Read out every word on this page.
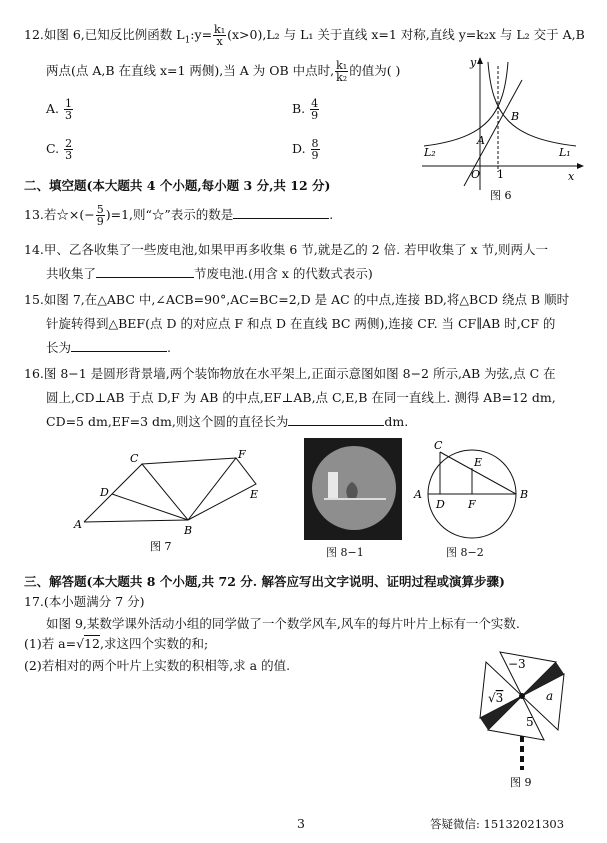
12.如图 6,已知反比例函数 $L_1:y= \frac{\text{k₁}}{x} (x>0),L_2$ 与 L₁ 关于直线 x=1 对称,直线 y=k₂x 与 L₂ 交于 A,B
两点(点 A,B 在直线 x=1 两侧),当 A 为 OB 中点时, $\frac{\text{k₁}}{\text{k₂}}$ 的值为( )
A. $\frac{1}{3}$	B. $\frac{4}{9}$
C. $\frac{2}{3}$	D. $\frac{8}{9}$
y
x
O 1
A
B
L₁
L₂
图 6
二、填空题(本大题共 4 个小题,每小题 3 分,共 12 分)
13.若☆×(− $\frac{5}{9} )=1$,则“☆”表示的数是	.
14.甲、乙各收集了一些废电池,如果甲再多收集 6 节,就是乙的 2 倍. 若甲收集了 x 节,则两人一
共收集了	节废电池.(用含 x 的代数式表示)
15.如图 7,在△ABC 中,∠ACB=90°,AC=BC=2,D 是 AC 的中点,连接 BD,将△BCD 绕点 B 顺时
针旋转得到△BEF(点 D 的对应点 F 和点 D 在直线 BC 两侧),连接 CF. 当 CF∥AB 时,CF 的
长为	.
16.图 8−1 是圆形背景墙,两个装饰物放在水平架上,正面示意图如图 8−2 所示,AB 为弦,点 C 在
圆上,CD⊥AB 于点 D,F 为 AB 的中点,EF⊥AB,点 C,E,B 在同一直线上. 测得 AB=12 dm,
CD=5 dm,EF=3 dm,则这个圆的直径长为	dm.
C
D
A	B
F
E
图 7	图 8−1
C
E
A	B
D F
图 8−2
三、解答题(本大题共 8 个小题,共 72 分. 解答应写出文字说明、证明过程或演算步骤)
17.(本小题满分 7 分)
如图 9,某数学课外活动小组的同学做了一个数学风车,风车的每片叶片上标有一个实数.
(1)若 a=√12,求这四个实数的和;
(2)若相对的两个叶片上实数的积相等,求 a 的值.	−3
a
5
√3
图 9
3	答疑微信: 15132021303
